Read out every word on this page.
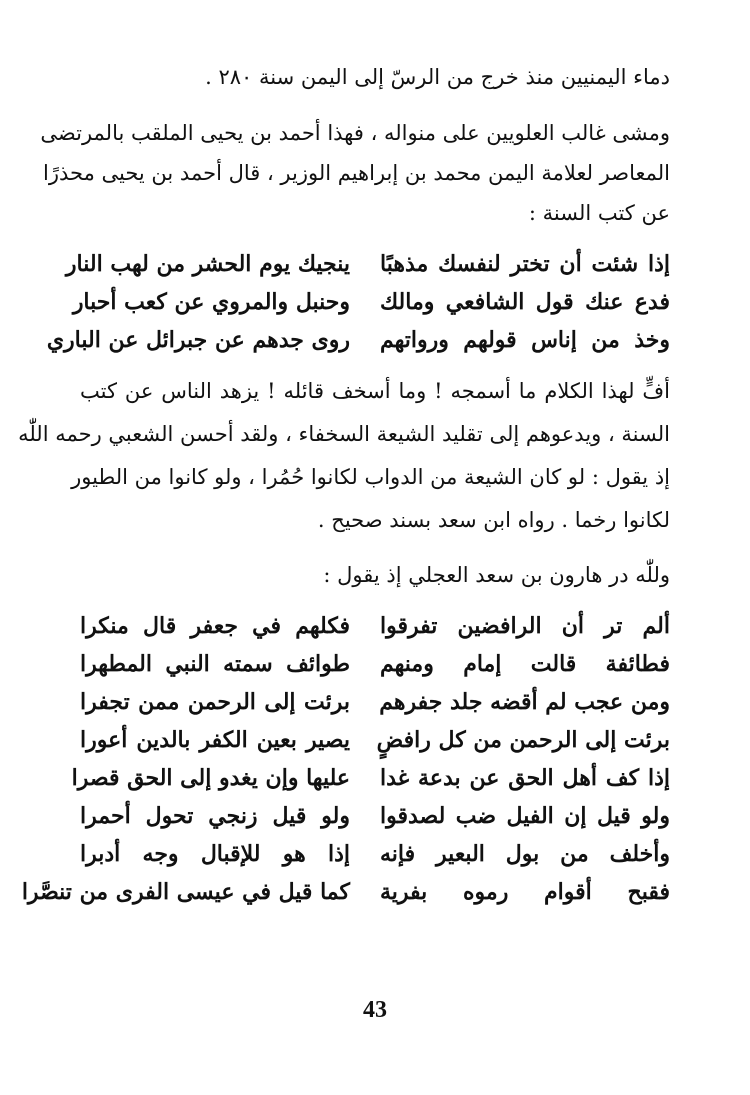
دماء اليمنيين منذ خرج من الرسّ إلى اليمن سنة ٢٨٠ .
ومشى غالب العلويين على منواله ، فهذا أحمد بن يحيى الملقب بالمرتضى
المعاصر لعلامة اليمن محمد بن إبراهيم الوزير ، قال أحمد بن يحيى محذرًا
عن كتب السنة :
إذا شئت أن تختر لنفسك مذهبًا
ينجيك يوم الحشر من لهب النار
فدع عنك قول الشافعي ومالك
وحنبل والمروي عن كعب أحبار
وخذ من إناس قولهم ورواتهم
روى جدهم عن جبرائل عن الباري
أفٍّ لهذا الكلام ما أسمجه ! وما أسخف قائله ! يزهد الناس عن كتب
السنة ، ويدعوهم إلى تقليد الشيعة السخفاء ، ولقد أحسن الشعبي رحمه اللّٰه
إذ يقول : لو كان الشيعة من الدواب لكانوا حُمُرا ، ولو كانوا من الطيور
لكانوا رخما . رواه ابن سعد بسند صحيح .
وللّٰه در هارون بن سعد العجلي إذ يقول :
ألم تر أن الرافضين تفرقوا
فكلهم في جعفر قال منكرا
فطائفة قالت إمام ومنهم
طوائف سمته النبي المطهرا
ومن عجب لم أقضه جلد جفرهم
برئت إلى الرحمن ممن تجفرا
برئت إلى الرحمن من كل رافضٍ
يصير بعين الكفر بالدين أعورا
إذا كف أهل الحق عن بدعة غدا
عليها وإن يغدو إلى الحق قصرا
ولو قيل إن الفيل ضب لصدقوا
ولو قيل زنجي تحول أحمرا
وأخلف من بول البعير فإنه
إذا هو للإقبال وجه أدبرا
فقبح أقوام رموه بفرية
كما قيل في عيسى الفرى من تنصَّرا
43
